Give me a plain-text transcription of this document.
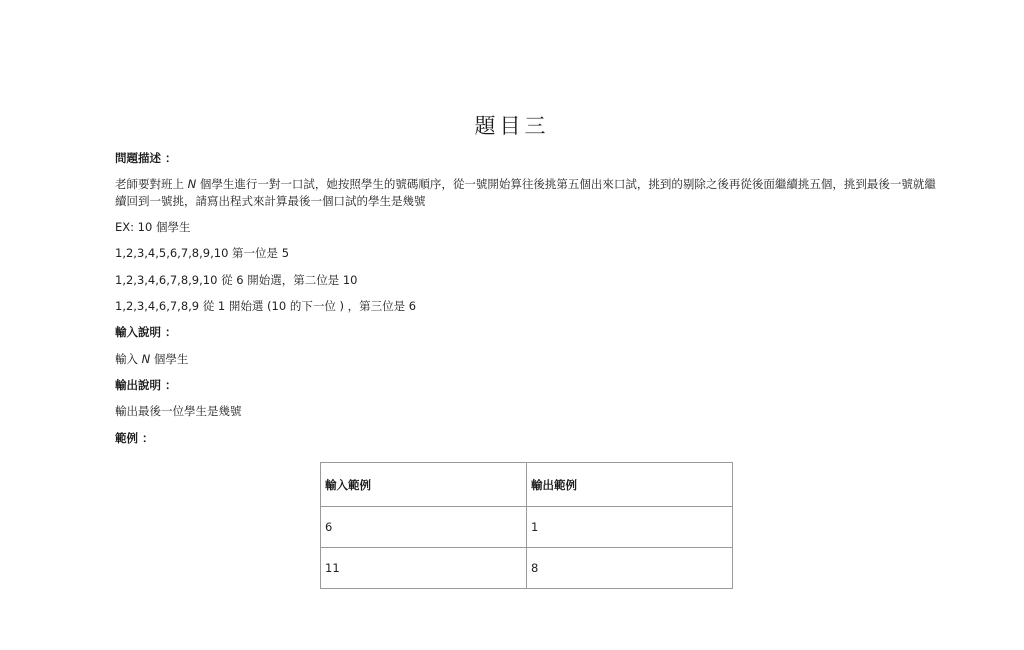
題目三
問題描述 ：
老師要對班上 N 個學生進行一對一口試，她按照學生的號碼順序，從一號開始算往後挑第五個出來口試，挑到的剔除之後再從後面繼續挑五個，挑到最後一號就繼續回到一號挑，請寫出程式來計算最後一個口試的學生是幾號
EX: 10 個學生
1,2,3,4,5,6,7,8,9,10 第一位是 5
1,2,3,4,6,7,8,9,10 從 6 開始選，第二位是 10
1,2,3,4,6,7,8,9 從 1 開始選 (10 的下一位 ) ，第三位是 6
輸入說明 ：
輸入 N 個學生
輸出說明 ：
輸出最後一位學生是幾號
範例 ：
輸入範例	輸出範例
6	1
11	8
